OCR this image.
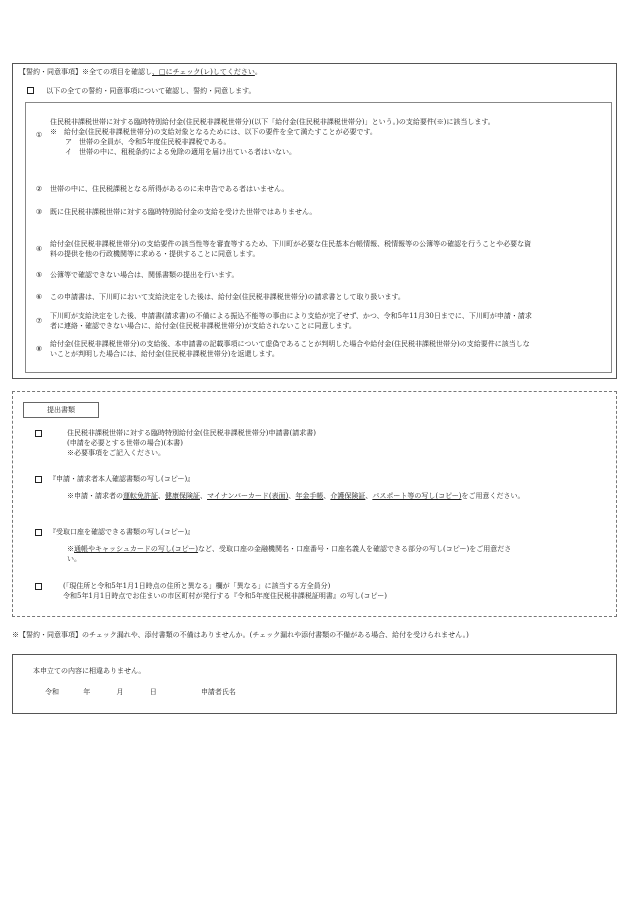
【誓約・同意事項】※全ての項目を確認し、□にチェック(レ)してください。
以下の全ての誓約・同意事項について確認し、誓約・同意します。
①

住民税非課税世帯に対する臨時特別給付金(住民税非課税世帯分)(以下「給付金(住民税非課税世帯分)」という。)の支給要件(※)に該当します。

※　給付金(住民税非課税世帯分)の支給対象となるためには、以下の要件を全て満たすことが必要です。

　ア　世帯の全員が、令和5年度住民税非課税である。

　イ　世帯の中に、租税条約による免除の適用を届け出ている者はいない。

② 世帯の中に、住民税課税となる所得があるのに未申告である者はいません。

③ 既に住民税非課税世帯に対する臨時特別給付金の支給を受けた世帯ではありません。

④

給付金(住民税非課税世帯分)の支給要件の該当性等を審査等するため、下川町が必要な住民基本台帳情報、税情報等の公簿等の確認を行うことや必要な資

料の提供を他の行政機関等に求める・提供することに同意します。

⑤ 公簿等で確認できない場合は、関係書類の提出を行います。

⑥ この申請書は、下川町において支給決定をした後は、給付金(住民税非課税世帯分)の請求書として取り扱います。

⑦

下川町が支給決定をした後、申請書(請求書)の不備による振込不能等の事由により支給が完了せず、かつ、令和5年11月30日までに、下川町が申請・請求

者に連絡・確認できない場合に、給付金(住民税非課税世帯分)が支給されないことに同意します。

⑧

給付金(住民税非課税世帯分)の支給後、本申請書の記載事項について虚偽であることが判明した場合や給付金(住民税非課税世帯分)の支給要件に該当しな

いことが判明した場合には、給付金(住民税非課税世帯分)を返還します。

提出書類

住民税非課税世帯に対する臨時特別給付金(住民税非課税世帯分)申請書(請求書)

(申請を必要とする世帯の場合)(本書)

※必要事項をご記入ください。

『申請・請求者本人確認書類の写し(コピー)』

※申請・請求者の運転免許証、健康保険証、マイナンバーカード(表面)、年金手帳、介護保険証、パスポート等の写し(コピー)をご用意ください。

『受取口座を確認できる書類の写し(コピー)』

※通帳やキャッシュカードの写し(コピー)など、受取口座の金融機関名・口座番号・口座名義人を確認できる部分の写し(コピー)をご用意ださ

い。

(「現住所と令和5年1月1日時点の住所と異なる」欄が「異なる」に該当する方全員分)

令和5年1月1日時点でお住まいの市区町村が発行する『令和5年度住民税非課税証明書』の写し(コピー)

※【誓約・同意事項】のチェック漏れや、添付書類の不備はありませんか。(チェック漏れや添付書類の不備がある場合、給付を受けられません。)
本申立ての内容に相違ありません。
令和	年	月	日	申請者氏名
